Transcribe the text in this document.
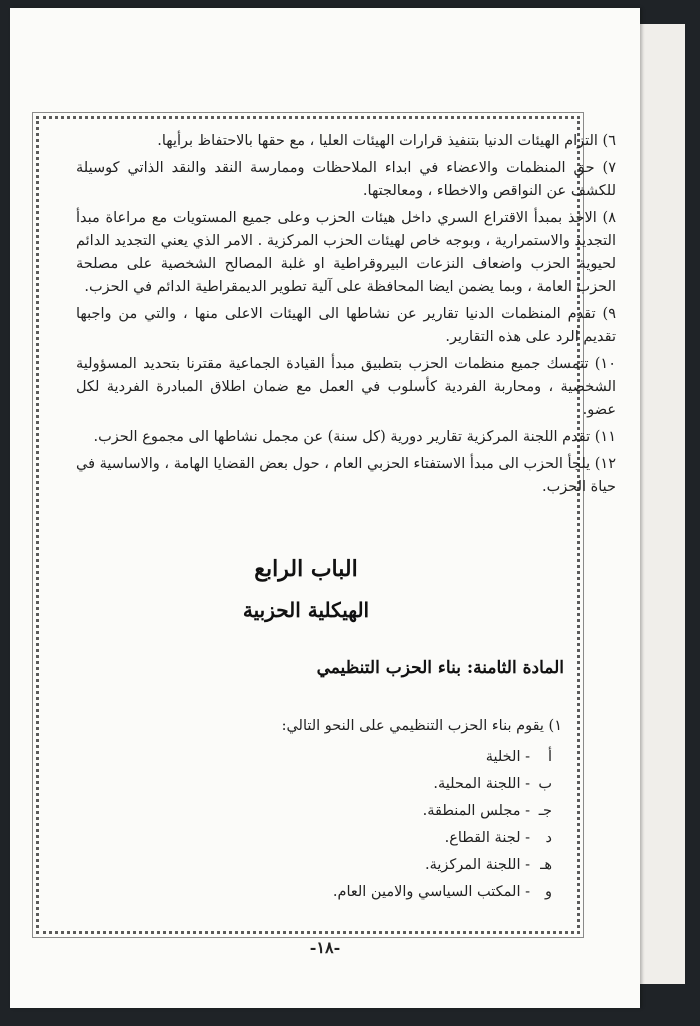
٦) التزام الهيئات الدنيا بتنفيذ قرارات الهيئات العليا ، مع حقها بالاحتفاظ برأيها.

٧) حق المنظمات والاعضاء في ابداء الملاحظات وممارسة النقد والنقد الذاتي كوسيلة للكشف عن النواقص والاخطاء ، ومعالجتها.

٨) الاخذ بمبدأ الاقتراع السري داخل هيئات الحزب وعلى جميع المستويات مع مراعاة مبدأ التجديد والاستمرارية ، وبوجه خاص لهيئات الحزب المركزية . الامر الذي يعني التجديد الدائم لحيوية الحزب واضعاف النزعات البيروقراطية او غلبة المصالح الشخصية على مصلحة الحزب العامة ، وبما يضمن ايضا المحافظة على آلية تطوير الديمقراطية الدائم في الحزب.

٩) تقدم المنظمات الدنيا تقارير عن نشاطها الى الهيئات الاعلى منها ، والتي من واجبها تقديم الرد على هذه التقارير.

١٠) تتمسك جميع منظمات الحزب بتطبيق مبدأ القيادة الجماعية مقترنا بتحديد المسؤولية الشخصية ، ومحاربة الفردية كأسلوب في العمل مع ضمان اطلاق المبادرة الفردية لكل عضو.

١١) تقدم اللجنة المركزية تقارير دورية (كل سنة) عن مجمل نشاطها الى مجموع الحزب.

١٢) يلجأ الحزب الى مبدأ الاستفتاء الحزبي العام ، حول بعض القضايا الهامة ، والاساسية في حياة الحزب.

الباب الرابع
الهيكلية الحزبية
المادة الثامنة: بناء الحزب التنظيمي
١) يقوم بناء الحزب التنظيمي على النحو التالي:
أ- الخلية
ب- اللجنة المحلية.
جـ- مجلس المنطقة.
د- لجنة القطاع.
هـ- اللجنة المركزية.
و- المكتب السياسي والامين العام.
-١٨-
